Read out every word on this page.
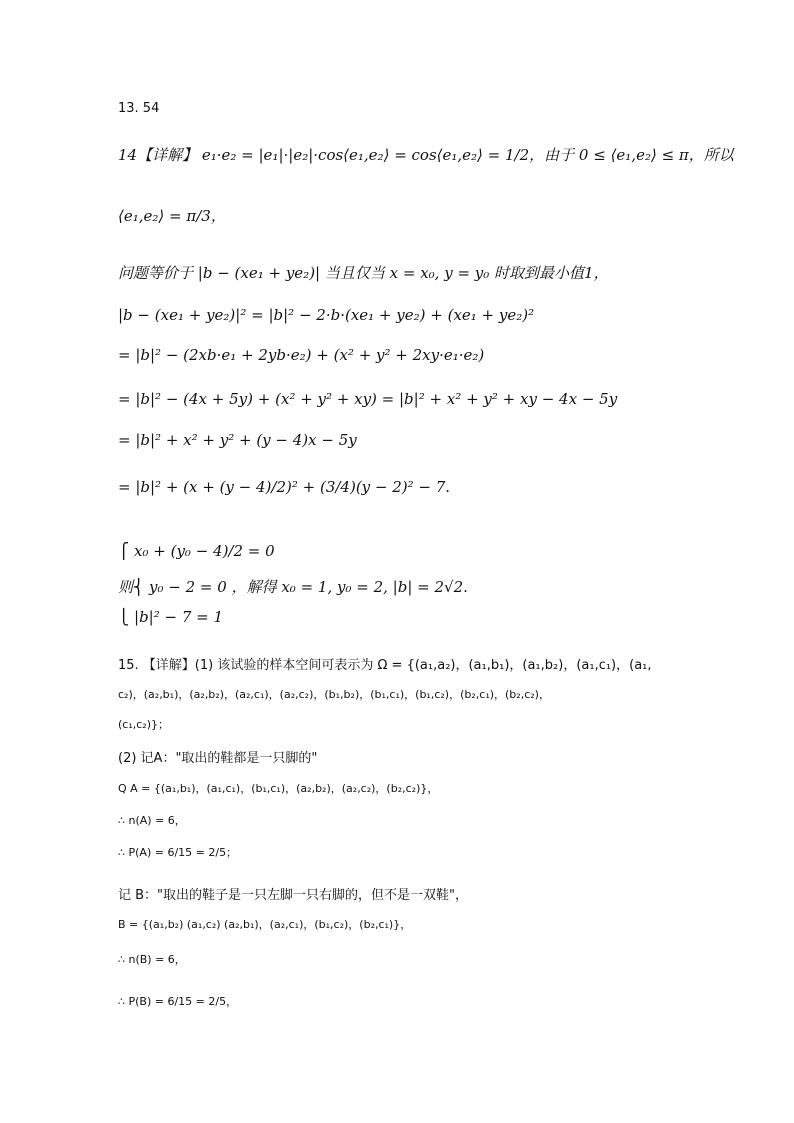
13. 54
14【详解】 e₁·e₂ = |e₁|·|e₂|·cos⟨e₁,e₂⟩ = cos⟨e₁,e₂⟩ = 1/2，由于 0 ≤ ⟨e₁,e₂⟩ ≤ π，所以
⟨e₁,e₂⟩ = π/3，
问题等价于 |b − (xe₁ + ye₂)| 当且仅当 x = x₀, y = y₀ 时取到最小值1，
|b − (xe₁ + ye₂)|² = |b|² − 2·b·(xe₁ + ye₂) + (xe₁ + ye₂)²
= |b|² − (2xb·e₁ + 2yb·e₂) + (x² + y² + 2xy·e₁·e₂)
= |b|² − (4x + 5y) + (x² + y² + xy) = |b|² + x² + y² + xy − 4x − 5y
= |b|² + x² + y² + (y − 4)x − 5y
= |b|² + (x + (y − 4)/2)² + (3/4)(y − 2)² − 7.
⎧ x₀ + (y₀ − 4)/2 = 0
则⎨ y₀ − 2 = 0 ，解得 x₀ = 1, y₀ = 2, |b| = 2√2.
⎩ |b|² − 7 = 1
15. 【详解】(1) 该试验的样本空间可表示为 Ω = {(a₁,a₂)，(a₁,b₁)，(a₁,b₂)，(a₁,c₁)，(a₁,
c₂)，(a₂,b₁)，(a₂,b₂)，(a₂,c₁)，(a₂,c₂)，(b₁,b₂)，(b₁,c₁)，(b₁,c₂)，(b₂,c₁)，(b₂,c₂)，
(c₁,c₂)}；
(2) 记A："取出的鞋都是一只脚的"
Q A = {(a₁,b₁)，(a₁,c₁)，(b₁,c₁)，(a₂,b₂)，(a₂,c₂)，(b₂,c₂)}，
∴ n(A) = 6，
∴ P(A) = 6/15 = 2/5；
记 B："取出的鞋子是一只左脚一只右脚的，但不是一双鞋"，
B = {(a₁,b₂) (a₁,c₂) (a₂,b₁)，(a₂,c₁)，(b₁,c₂)，(b₂,c₁)}，
∴ n(B) = 6，
∴ P(B) = 6/15 = 2/5，
